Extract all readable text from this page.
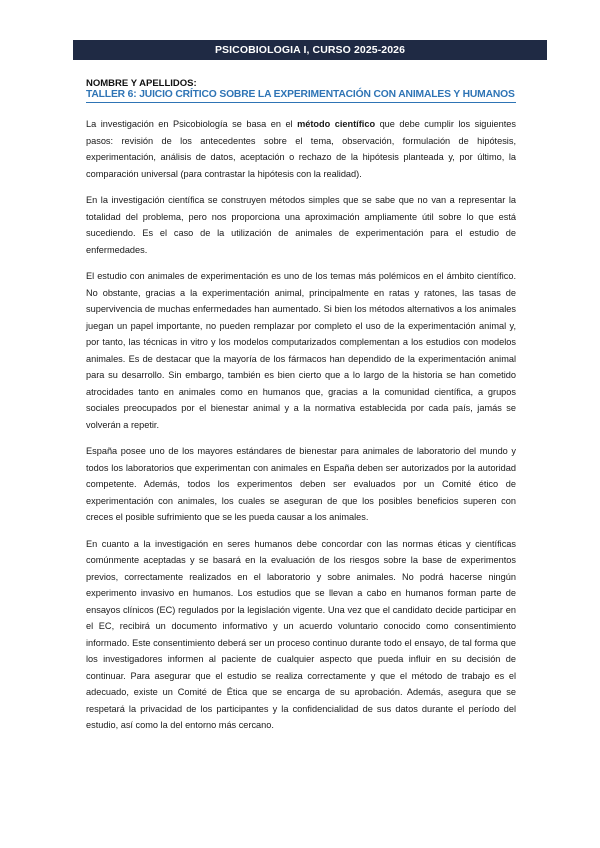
PSICOBIOLOGIA I, CURSO 2025-2026
NOMBRE Y APELLIDOS:
TALLER 6: JUICIO CRÍTICO SOBRE LA EXPERIMENTACIÓN CON ANIMALES Y HUMANOS

La investigación en Psicobiología se basa en el método científico que debe cumplir los siguientes pasos: revisión de los antecedentes sobre el tema, observación, formulación de hipótesis, experimentación, análisis de datos, aceptación o rechazo de la hipótesis planteada y, por último, la comparación universal (para contrastar la hipótesis con la realidad).

En la investigación científica se construyen métodos simples que se sabe que no van a representar la totalidad del problema, pero nos proporciona una aproximación ampliamente útil sobre lo que está sucediendo. Es el caso de la utilización de animales de experimentación para el estudio de enfermedades.

El estudio con animales de experimentación es uno de los temas más polémicos en el ámbito científico. No obstante, gracias a la experimentación animal, principalmente en ratas y ratones, las tasas de supervivencia de muchas enfermedades han aumentado. Si bien los métodos alternativos a los animales juegan un papel importante, no pueden remplazar por completo el uso de la experimentación animal y, por tanto, las técnicas in vitro y los modelos computarizados complementan a los estudios con modelos animales. Es de destacar que la mayoría de los fármacos han dependido de la experimentación animal para su desarrollo. Sin embargo, también es bien cierto que a lo largo de la historia se han cometido atrocidades tanto en animales como en humanos que, gracias a la comunidad científica, a grupos sociales preocupados por el bienestar animal y a la normativa establecida por cada país, jamás se volverán a repetir.

España posee uno de los mayores estándares de bienestar para animales de laboratorio del mundo y todos los laboratorios que experimentan con animales en España deben ser autorizados por la autoridad competente. Además, todos los experimentos deben ser evaluados por un Comité ético de experimentación con animales, los cuales se aseguran de que los posibles beneficios superen con creces el posible sufrimiento que se les pueda causar a los animales.

En cuanto a la investigación en seres humanos debe concordar con las normas éticas y científicas comúnmente aceptadas y se basará en la evaluación de los riesgos sobre la base de experimentos previos, correctamente realizados en el laboratorio y sobre animales. No podrá hacerse ningún experimento invasivo en humanos. Los estudios que se llevan a cabo en humanos forman parte de ensayos clínicos (EC) regulados por la legislación vigente. Una vez que el candidato decide participar en el EC, recibirá un documento informativo y un acuerdo voluntario conocido como consentimiento informado. Este consentimiento deberá ser un proceso continuo durante todo el ensayo, de tal forma que los investigadores informen al paciente de cualquier aspecto que pueda influir en su decisión de continuar. Para asegurar que el estudio se realiza correctamente y que el método de trabajo es el adecuado, existe un Comité de Ética que se encarga de su aprobación. Además, asegura que se respetará la privacidad de los participantes y la confidencialidad de sus datos durante el período del estudio, así como la del entorno más cercano.
